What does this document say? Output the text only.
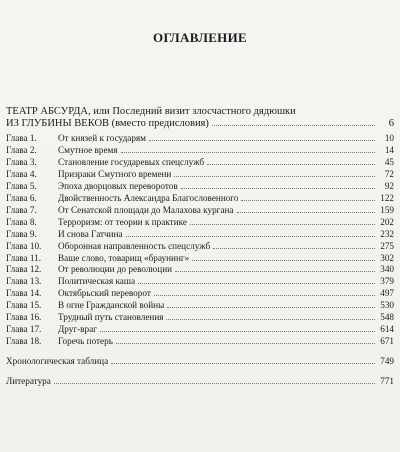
ОГЛАВЛЕНИЕ
ТЕАТР АБСУРДА, или Последний визит злосчастного дядюшки
ИЗ ГЛУБИНЫ ВЕКОВ (вместо предисловия)	6
Глава 1.	От князей к государям	10
Глава 2.	Смутное время	14
Глава 3.	Становление государевых спецслужб	45
Глава 4.	Призраки Смутного времени	72
Глава 5.	Эпоха дворцовых переворотов	92
Глава 6.	Двойственность Александра Благословенного	122
Глава 7.	От Сенатской площади до Малахова кургана	159
Глава 8.	Терроризм: от теории к практике	202
Глава 9.	И снова Гатчина	232
Глава 10.	Оборонная направленность спецслужб	275
Глава 11.	Ваше слово, товарищ «браунинг»	302
Глава 12.	От революции до революции	340
Глава 13.	Политическая каша	379
Глава 14.	Октябрьский переворот	497
Глава 15.	В огне Гражданской войны	530
Глава 16.	Трудный путь становления	548
Глава 17.	Друг-враг	614
Глава 18.	Горечь потерь	671
Хронологическая таблица	749
Литература	771
